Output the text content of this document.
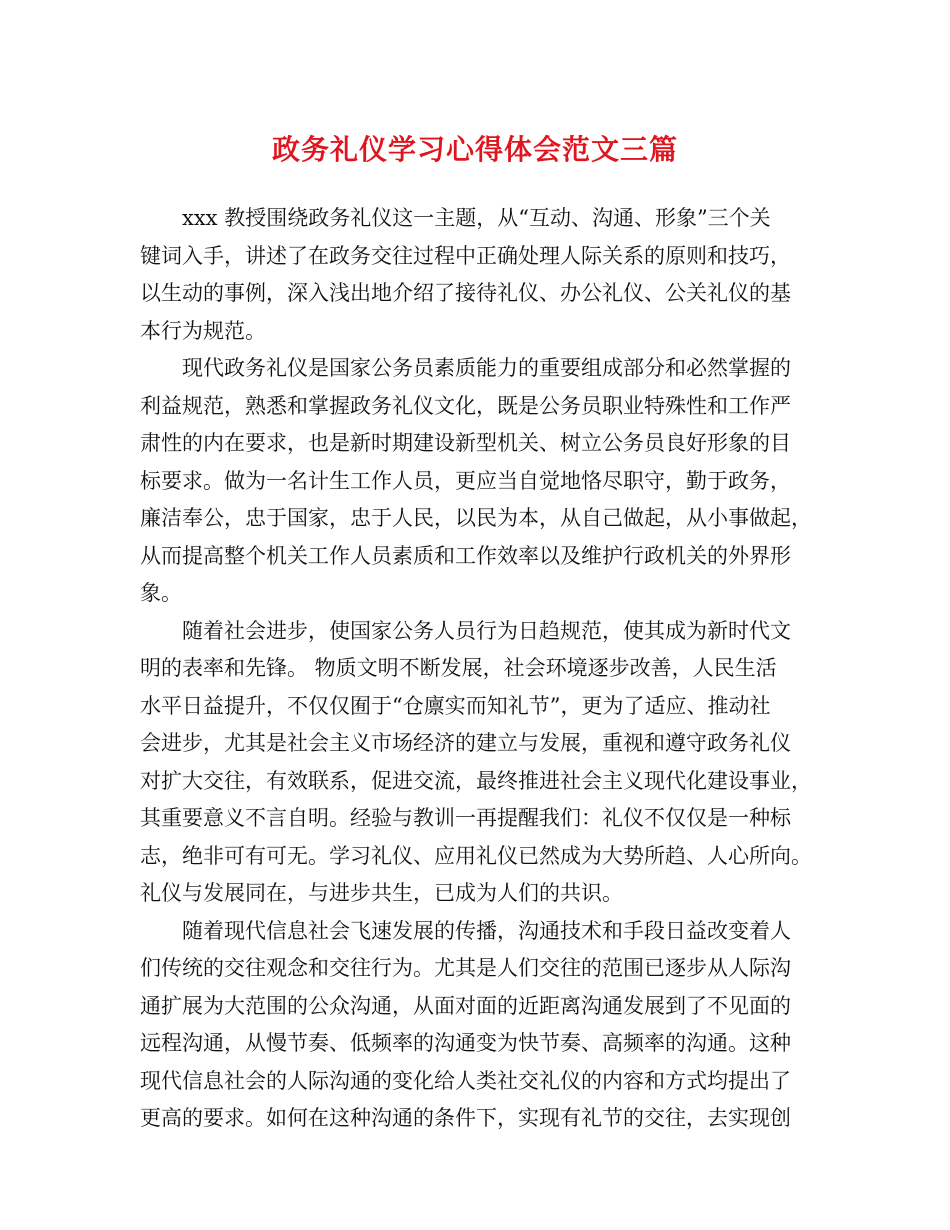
政务礼仪学习心得体会范文三篇
xxx 教授围绕政务礼仪这一主题，从“互动、沟通、形象”三个关
键词入手，讲述了在政务交往过程中正确处理人际关系的原则和技巧，
以生动的事例，深入浅出地介绍了接待礼仪、办公礼仪、公关礼仪的基
本行为规范。
现代政务礼仪是国家公务员素质能力的重要组成部分和必然掌握的
利益规范，熟悉和掌握政务礼仪文化，既是公务员职业特殊性和工作严
肃性的内在要求，也是新时期建设新型机关、树立公务员良好形象的目
标要求。做为一名计生工作人员，更应当自觉地恪尽职守，勤于政务，
廉洁奉公，忠于国家，忠于人民，以民为本，从自己做起，从小事做起，
从而提高整个机关工作人员素质和工作效率以及维护行政机关的外界形
象。
随着社会进步，使国家公务人员行为日趋规范，使其成为新时代文
明的表率和先锋。 物质文明不断发展，社会环境逐步改善，人民生活
水平日益提升，不仅仅囿于“仓廪实而知礼节”，更为了适应、推动社
会进步，尤其是社会主义市场经济的建立与发展，重视和遵守政务礼仪
对扩大交往，有效联系，促进交流，最终推进社会主义现代化建设事业，
其重要意义不言自明。经验与教训一再提醒我们：礼仪不仅仅是一种标
志，绝非可有可无。学习礼仪、应用礼仪已然成为大势所趋、人心所向。
礼仪与发展同在，与进步共生，已成为人们的共识。
随着现代信息社会飞速发展的传播，沟通技术和手段日益改变着人
们传统的交往观念和交往行为。尤其是人们交往的范围已逐步从人际沟
通扩展为大范围的公众沟通，从面对面的近距离沟通发展到了不见面的
远程沟通，从慢节奏、低频率的沟通变为快节奏、高频率的沟通。这种
现代信息社会的人际沟通的变化给人类社交礼仪的内容和方式均提出了
更高的要求。如何在这种沟通的条件下，实现有礼节的交往，去实现创
